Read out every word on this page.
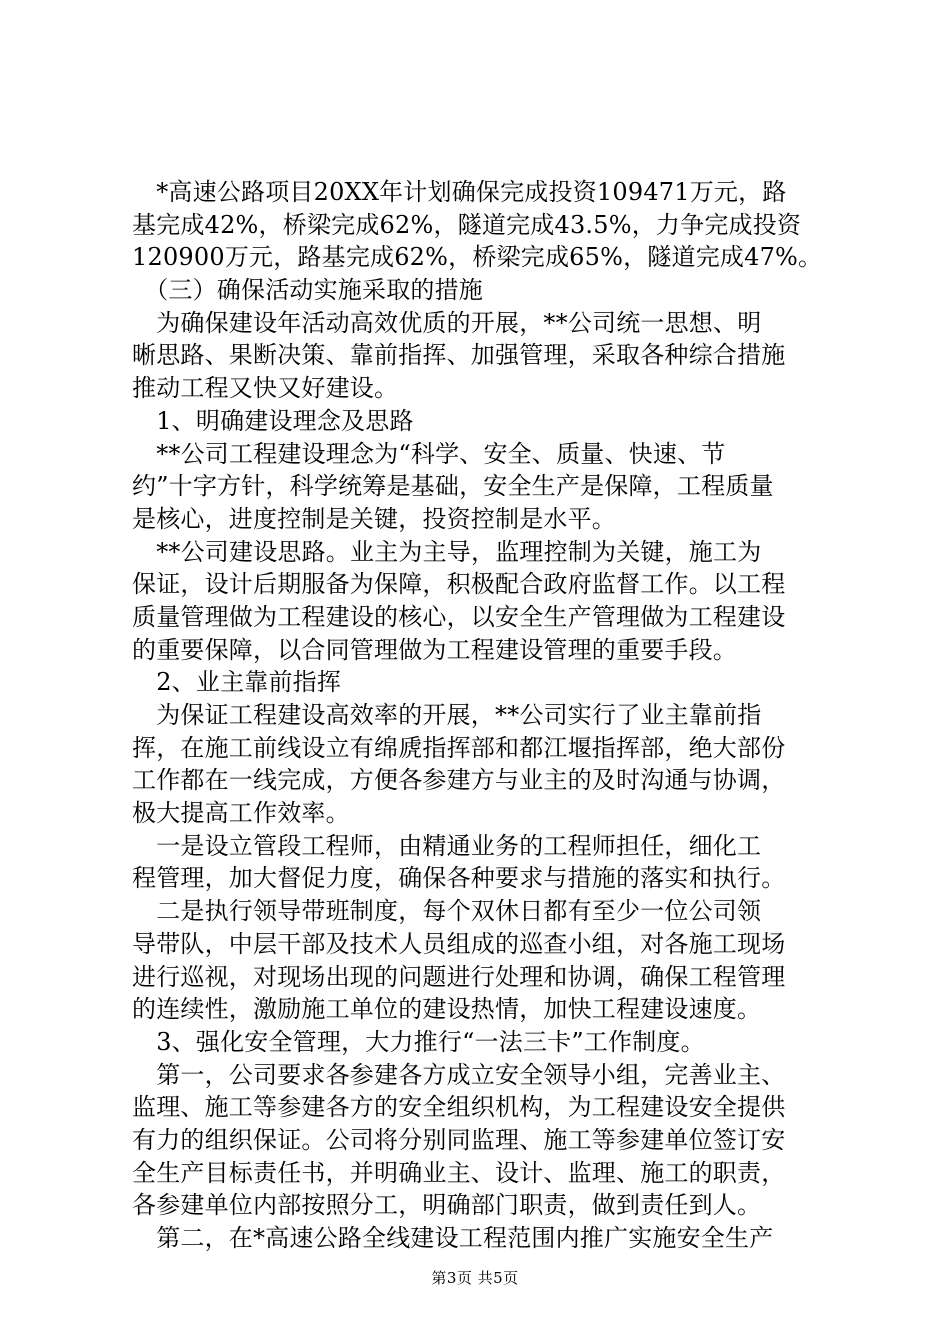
　*高速公路项目20XX年计划确保完成投资109471万元，路
基完成42%，桥梁完成62%，隧道完成43.5%，力争完成投资
120900万元，路基完成62%，桥梁完成65%，隧道完成47%。
　（三）确保活动实施采取的措施
　为确保建设年活动高效优质的开展，**公司统一思想、明
晰思路、果断决策、靠前指挥、加强管理，采取各种综合措施
推动工程又快又好建设。
　1、明确建设理念及思路
　**公司工程建设理念为“科学、安全、质量、快速、节
约”十字方针，科学统筹是基础，安全生产是保障，工程质量
是核心，进度控制是关键，投资控制是水平。
　**公司建设思路。业主为主导，监理控制为关键，施工为
保证，设计后期服备为保障，积极配合政府监督工作。以工程
质量管理做为工程建设的核心，以安全生产管理做为工程建设
的重要保障，以合同管理做为工程建设管理的重要手段。
　2、业主靠前指挥
　为保证工程建设高效率的开展，**公司实行了业主靠前指
挥，在施工前线设立有绵虒指挥部和都江堰指挥部，绝大部份
工作都在一线完成，方便各参建方与业主的及时沟通与协调，
极大提高工作效率。
　一是设立管段工程师，由精通业务的工程师担任，细化工
程管理，加大督促力度，确保各种要求与措施的落实和执行。
　二是执行领导带班制度，每个双休日都有至少一位公司领
导带队，中层干部及技术人员组成的巡查小组，对各施工现场
进行巡视，对现场出现的问题进行处理和协调，确保工程管理
的连续性，激励施工单位的建设热情，加快工程建设速度。
　3、强化安全管理，大力推行“一法三卡”工作制度。
　第一，公司要求各参建各方成立安全领导小组，完善业主、
监理、施工等参建各方的安全组织机构，为工程建设安全提供
有力的组织保证。公司将分别同监理、施工等参建单位签订安
全生产目标责任书，并明确业主、设计、监理、施工的职责，
各参建单位内部按照分工，明确部门职责，做到责任到人。
　第二，在*高速公路全线建设工程范围内推广实施安全生产
第3页 共5页
